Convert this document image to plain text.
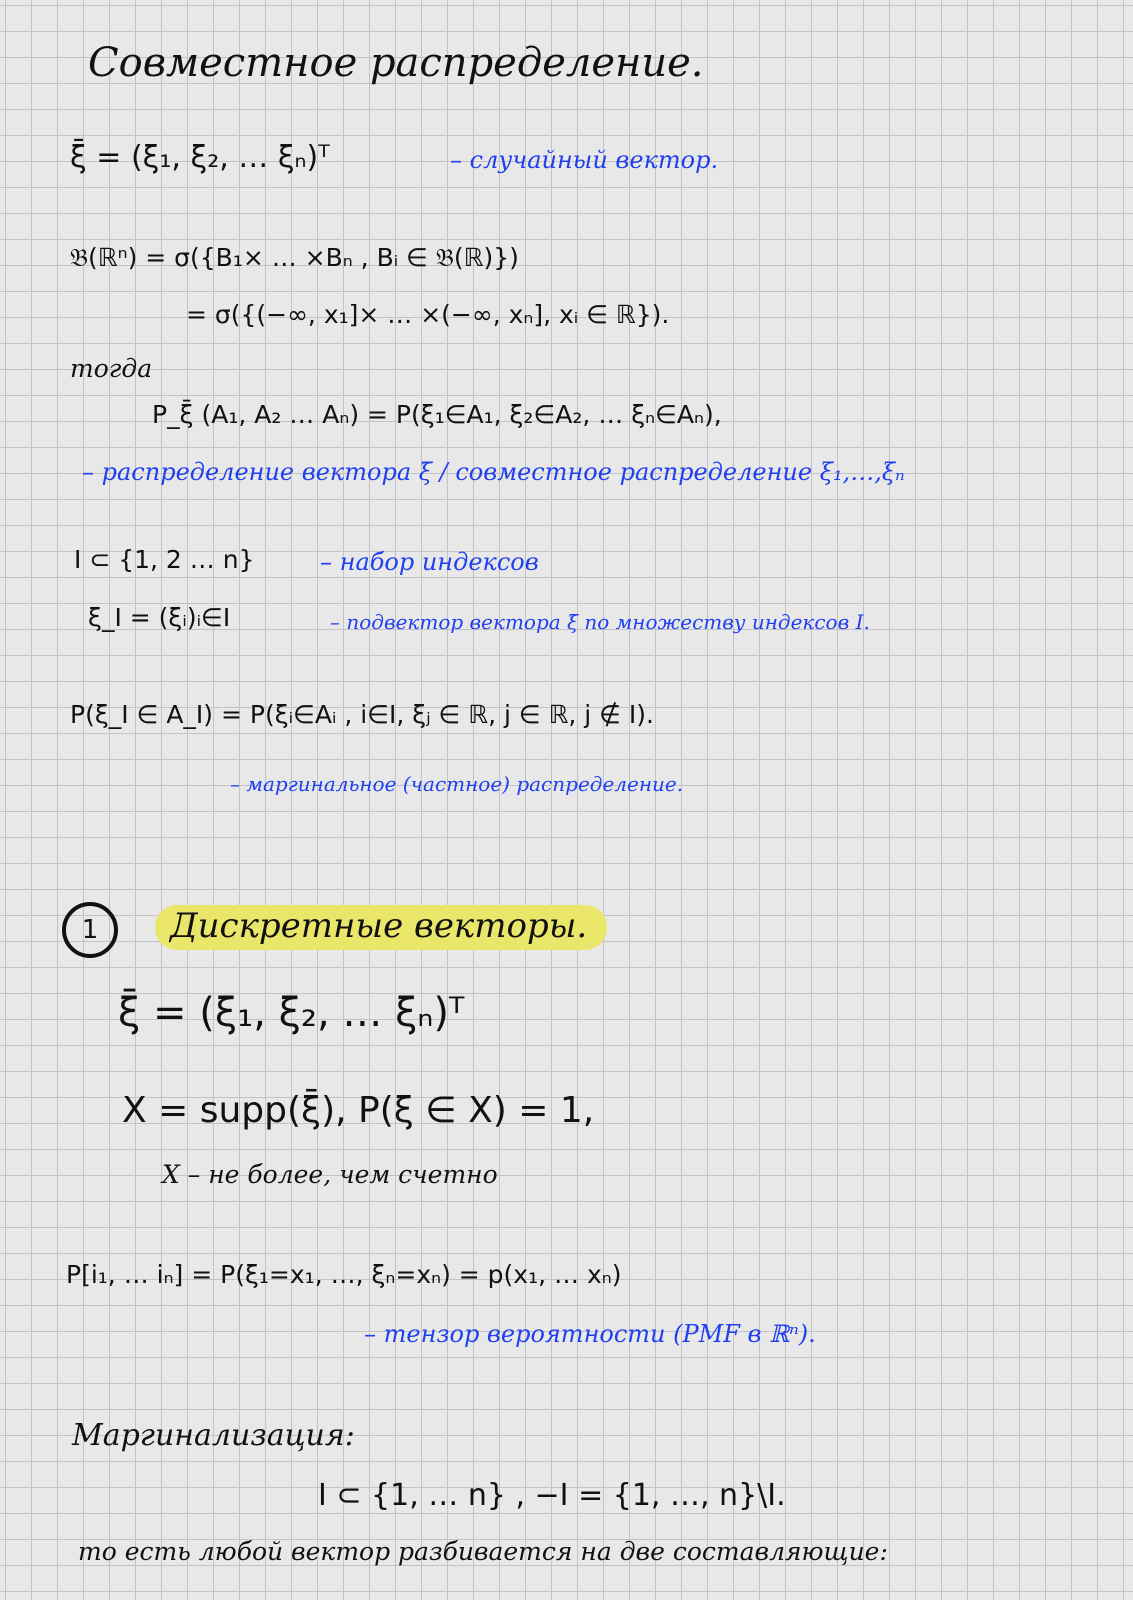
Совместное распределение.
ξ̄ = (ξ₁, ξ₂, … ξₙ)ᵀ	– случайный вектор.
𝔅(ℝⁿ) = σ({B₁× … ×Bₙ , Bᵢ ∈ 𝔅(ℝ)})
= σ({(−∞, x₁]× … ×(−∞, xₙ], xᵢ ∈ ℝ}).
тогда
P_ξ̄ (A₁, A₂ … Aₙ) = P(ξ₁∈A₁, ξ₂∈A₂, … ξₙ∈Aₙ),
– распределение вектора ξ̄ / совместное распределение ξ₁,…,ξₙ
I ⊂ {1, 2 … n}	– набор индексов
ξ_I = (ξᵢ)ᵢ∈I	– подвектор вектора ξ̄ по множеству индексов I.
P(ξ_I ∈ A_I) = P(ξᵢ∈Aᵢ , i∈I, ξⱼ ∈ ℝ, j ∈ ℝ, j ∉ I).
– маргинальное (частное) распределение.
1 Дискретные векторы.
ξ̄ = (ξ₁, ξ₂, … ξₙ)ᵀ
X = supp(ξ̄), P(ξ ∈ X) = 1,
X – не более, чем счетно
P[i₁, … iₙ] = P(ξ₁=x₁, …, ξₙ=xₙ) = p(x₁, … xₙ)
– тензор вероятности (PMF в ℝⁿ).
Маргинализация:
I ⊂ {1, … n} , −I = {1, …, n}\I.
то есть любой вектор разбивается на две составляющие:
